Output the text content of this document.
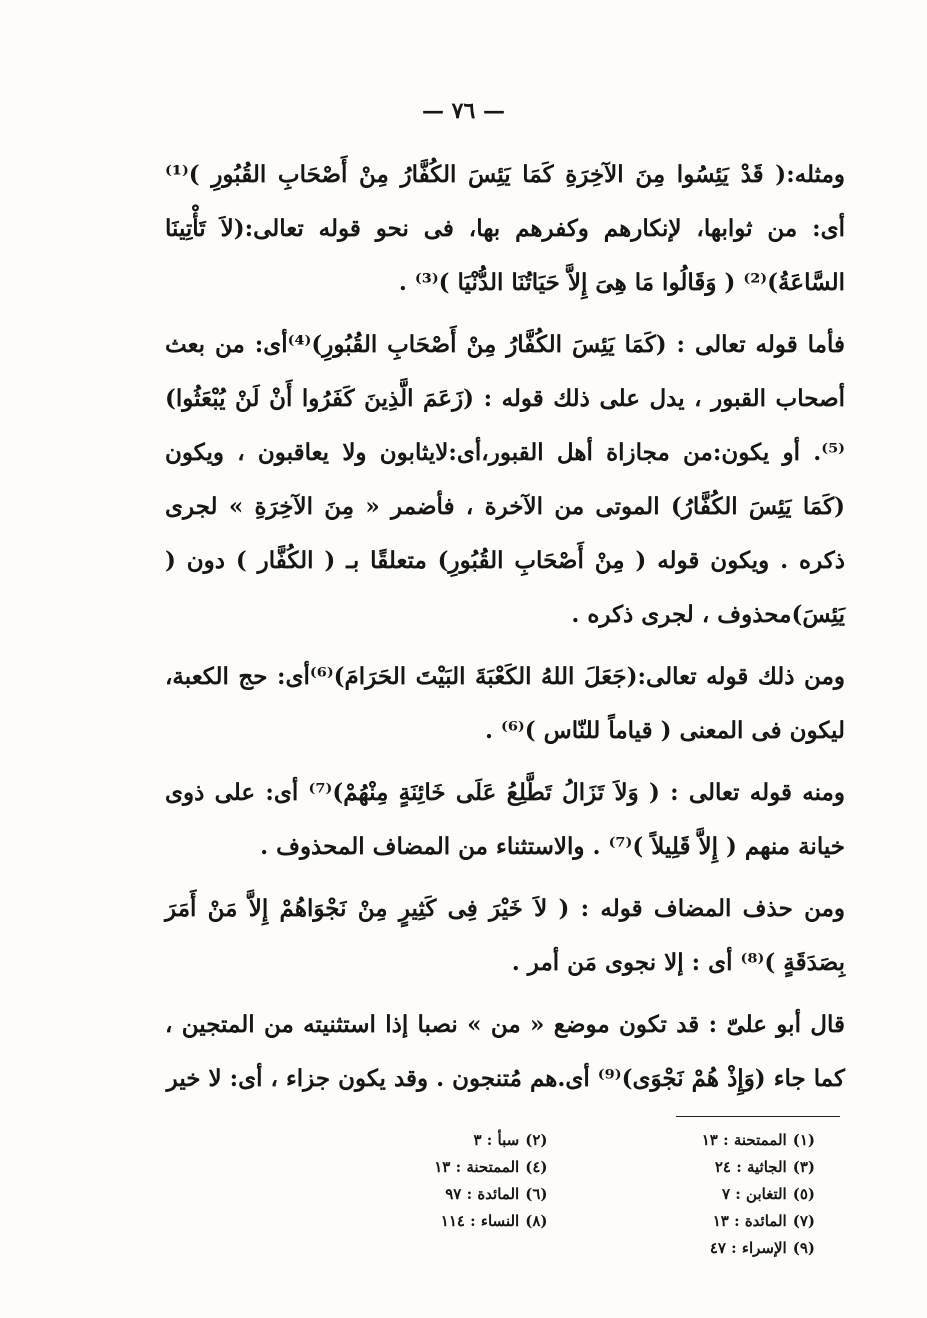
— ٧٦ —

ومثله:( قَدْ يَئِسُوا مِنَ الآخِرَةِ كَمَا يَئِسَ الكُفَّارُ مِنْ أَصْحَابِ القُبُورِ )⁽¹⁾ أى: من ثوابها، لإنكارهم وكفرهم بها، فى نحو قوله تعالى:(لاَ تَأْتِينَا السَّاعَةُ)⁽²⁾ ( وَقَالُوا مَا هِىَ إِلاَّ حَيَاتُنَا الدُّنْيَا )⁽³⁾ .

فأما قوله تعالى : (كَمَا يَئِسَ الكُفَّارُ مِنْ أَصْحَابِ القُبُورِ)⁽⁴⁾أى: من بعث أصحاب القبور ، يدل على ذلك قوله : (زَعَمَ الَّذِينَ كَفَرُوا أَنْ لَنْ يُبْعَثُوا)⁽⁵⁾. أو يكون:من مجازاة أهل القبور،أى:لايثابون ولا يعاقبون ، ويكون (كَمَا يَئِسَ الكُفَّارُ) الموتى من الآخرة ، فأضمر « مِنَ الآخِرَةِ » لجرى ذكره . ويكون قوله ( مِنْ أَصْحَابِ القُبُورِ) متعلقًا بـ ( الكُفَّار ) دون ( يَئِسَ)محذوف ، لجرى ذكره .

ومن ذلك قوله تعالى:(جَعَلَ اللهُ الكَعْبَةَ البَيْتَ الحَرَامَ)⁽⁶⁾أى: حج الكعبة، ليكون فى المعنى ( قياماً للنّاس )⁽⁶⁾ .

ومنه قوله تعالى : ( وَلاَ تَزَالُ تَطَّلِعُ عَلَى خَائِنَةٍ مِنْهُمْ)⁽⁷⁾ أى: على ذوى خيانة منهم ( إِلاَّ قَلِيلاً )⁽⁷⁾ . والاستثناء من المضاف المحذوف .

ومن حذف المضاف قوله : ( لاَ خَيْرَ فِى كَثِيرٍ مِنْ نَجْوَاهُمْ إِلاَّ مَنْ أَمَرَ بِصَدَقَةٍ )⁽⁸⁾ أى : إلا نجوى مَن أمر .

قال أبو علىّ : قد تكون موضع « من » نصبا إذا استثنيته من المتجين ، كما جاء (وَإِذْ هُمْ نَجْوَى)⁽⁹⁾ أى.هم مُتنجون . وقد يكون جزاء ، أى: لا خير

(١)الممتحنة : ١٣
(٢)سبأ : ٣
(٣)الجاثية : ٢٤
(٤)الممتحنة : ١٣
(٥)التغابن : ٧
(٦)المائدة : ٩٧
(٧)المائدة : ١٣
(٨)النساء : ١١٤
(٩)الإسراء : ٤٧
